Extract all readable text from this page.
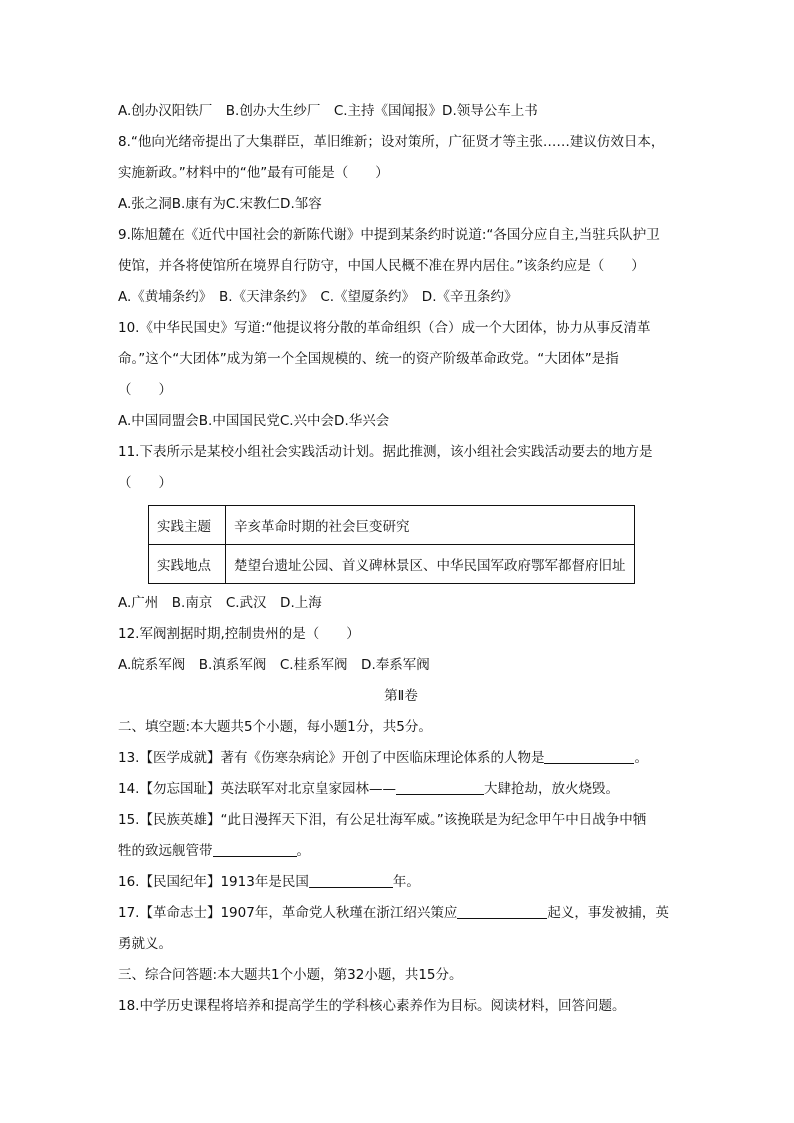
A.创办汉阳铁厂　B.创办大生纱厂　C.主持《国闻报》D.领导公车上书
8.“他向光绪帝提出了大集群臣，革旧维新；设对策所，广征贤才等主张……建议仿效日本，
实施新政。”材料中的“他”最有可能是（　　）
A.张之洞B.康有为C.宋教仁D.邹容
9.陈旭麓在《近代中国社会的新陈代谢》中提到某条约时说道:“各国分应自主,当驻兵队护卫
使馆，并各将使馆所在境界自行防守，中国人民概不准在界内居住。”该条约应是（　　）
A.《黄埔条约》　B.《天津条约》　C.《望厦条约》　D.《辛丑条约》
10.《中华民国史》写道:“他提议将分散的革命组织（合）成一个大团体，协力从事反清革
命。”这个“大团体”成为第一个全国规模的、统一的资产阶级革命政党。“大团体”是指
（　　）
A.中国同盟会B.中国国民党C.兴中会D.华兴会
11.下表所示是某校小组社会实践活动计划。据此推测，该小组社会实践活动要去的地方是
（　　）
实践主题	辛亥革命时期的社会巨变研究
实践地点	楚望台遗址公园、首义碑林景区、中华民国军政府鄂军都督府旧址
A.广州　B.南京　C.武汉　D.上海
12.军阀割据时期,控制贵州的是（　　）
A.皖系军阀　B.滇系军阀　C.桂系军阀　D.奉系军阀
第Ⅱ卷
二、填空题:本大题共5个小题，每小题1分，共5分。
13.【医学成就】著有《伤寒杂病论》开创了中医临床理论体系的人物是	。
14.【勿忘国耻】英法联军对北京皇家园林——	大肆抢劫，放火烧毁。
15.【民族英雄】“此日漫挥天下泪，有公足壮海军威。”该挽联是为纪念甲午中日战争中牺
牲的致远舰管带	。
16.【民国纪年】1913年是民国	年。
17.【革命志士】1907年，革命党人秋瑾在浙江绍兴策应	起义，事发被捕，英
勇就义。
三、综合问答题:本大题共1个小题，第32小题，共15分。
18.中学历史课程将培养和提高学生的学科核心素养作为目标。阅读材料，回答问题。
